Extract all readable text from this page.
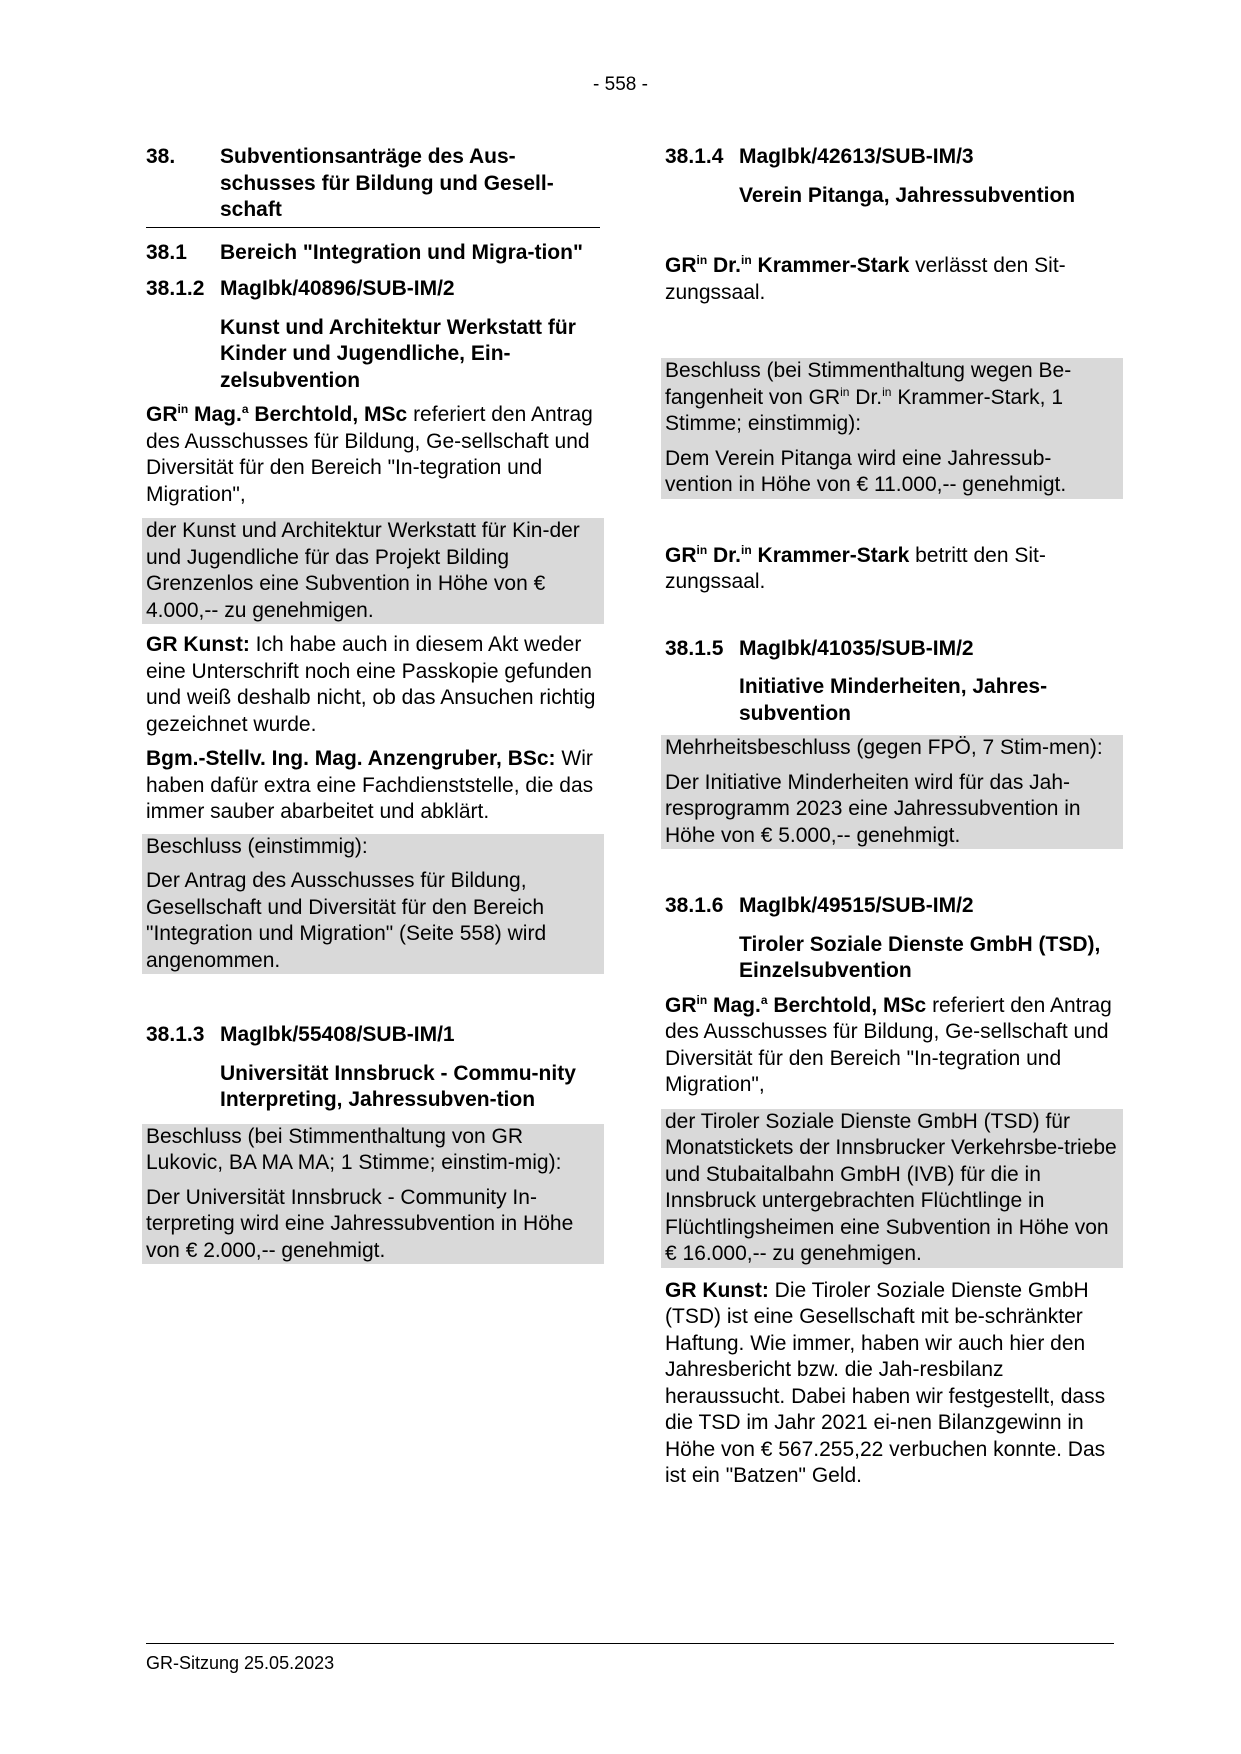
- 558 -
38.	Subventionsanträge des Aus-schusses für Bildung und Gesell-schaft
38.1	Bereich "Integration und Migra-tion"
38.1.2 MagIbk/40896/SUB-IM/2
Kunst und Architektur Werkstatt für Kinder und Jugendliche, Ein-zelsubvention

$GR^{in}$ Mag.$^a$ Berchtold, MSc referiert den Antrag des Ausschusses für Bildung, Ge-sellschaft und Diversität für den Bereich "In-tegration und Migration",

der Kunst und Architektur Werkstatt für Kin-der und Jugendliche für das Projekt Bilding Grenzenlos eine Subvention in Höhe von € 4.000,-- zu genehmigen.

GR Kunst: Ich habe auch in diesem Akt weder eine Unterschrift noch eine Passkopie gefunden und weiß deshalb nicht, ob das Ansuchen richtig gezeichnet wurde.

Bgm.-Stellv. Ing. Mag. Anzengruber, BSc: Wir haben dafür extra eine Fachdienststelle, die das immer sauber abarbeitet und abklärt.

Beschluss (einstimmig):

Der Antrag des Ausschusses für Bildung, Gesellschaft und Diversität für den Bereich "Integration und Migration" (Seite 558) wird angenommen.

38.1.3 MagIbk/55408/SUB-IM/1
Universität Innsbruck - Commu-nity Interpreting, Jahressubven-tion

Beschluss (bei Stimmenthaltung von GR Lukovic, BA MA MA; 1 Stimme; einstim-mig):

Der Universität Innsbruck - Community In-terpreting wird eine Jahressubvention in Höhe von € 2.000,-- genehmigt.

38.1.4 MagIbk/42613/SUB-IM/3
Verein Pitanga, Jahressubvention

$GR^{in}$ Dr.$^{in}$ Krammer-Stark verlässt den Sit-zungssaal.

Beschluss (bei Stimmenthaltung wegen Be-fangenheit von $GR^{in}$ Dr.$^{in}$ Krammer-Stark, 1 Stimme; einstimmig):

Dem Verein Pitanga wird eine Jahressub-vention in Höhe von € 11.000,-- genehmigt.

$GR^{in}$ Dr.$^{in}$ Krammer-Stark betritt den Sit-zungssaal.

38.1.5 MagIbk/41035/SUB-IM/2
Initiative Minderheiten, Jahres-subvention

Mehrheitsbeschluss (gegen FPÖ, 7 Stim-men):

Der Initiative Minderheiten wird für das Jah-resprogramm 2023 eine Jahressubvention in Höhe von € 5.000,-- genehmigt.

38.1.6 MagIbk/49515/SUB-IM/2
Tiroler Soziale Dienste GmbH (TSD), Einzelsubvention

$GR^{in}$ Mag.$^a$ Berchtold, MSc referiert den Antrag des Ausschusses für Bildung, Ge-sellschaft und Diversität für den Bereich "In-tegration und Migration",

der Tiroler Soziale Dienste GmbH (TSD) für Monatstickets der Innsbrucker Verkehrsbe-triebe und Stubaitalbahn GmbH (IVB) für die in Innsbruck untergebrachten Flüchtlinge in Flüchtlingsheimen eine Subvention in Höhe von € 16.000,-- zu genehmigen.

GR Kunst: Die Tiroler Soziale Dienste GmbH (TSD) ist eine Gesellschaft mit be-schränkter Haftung. Wie immer, haben wir auch hier den Jahresbericht bzw. die Jah-resbilanz heraussucht. Dabei haben wir festgestellt, dass die TSD im Jahr 2021 ei-nen Bilanzgewinn in Höhe von € 567.255,22 verbuchen konnte. Das ist ein "Batzen" Geld.

GR-Sitzung 25.05.2023
